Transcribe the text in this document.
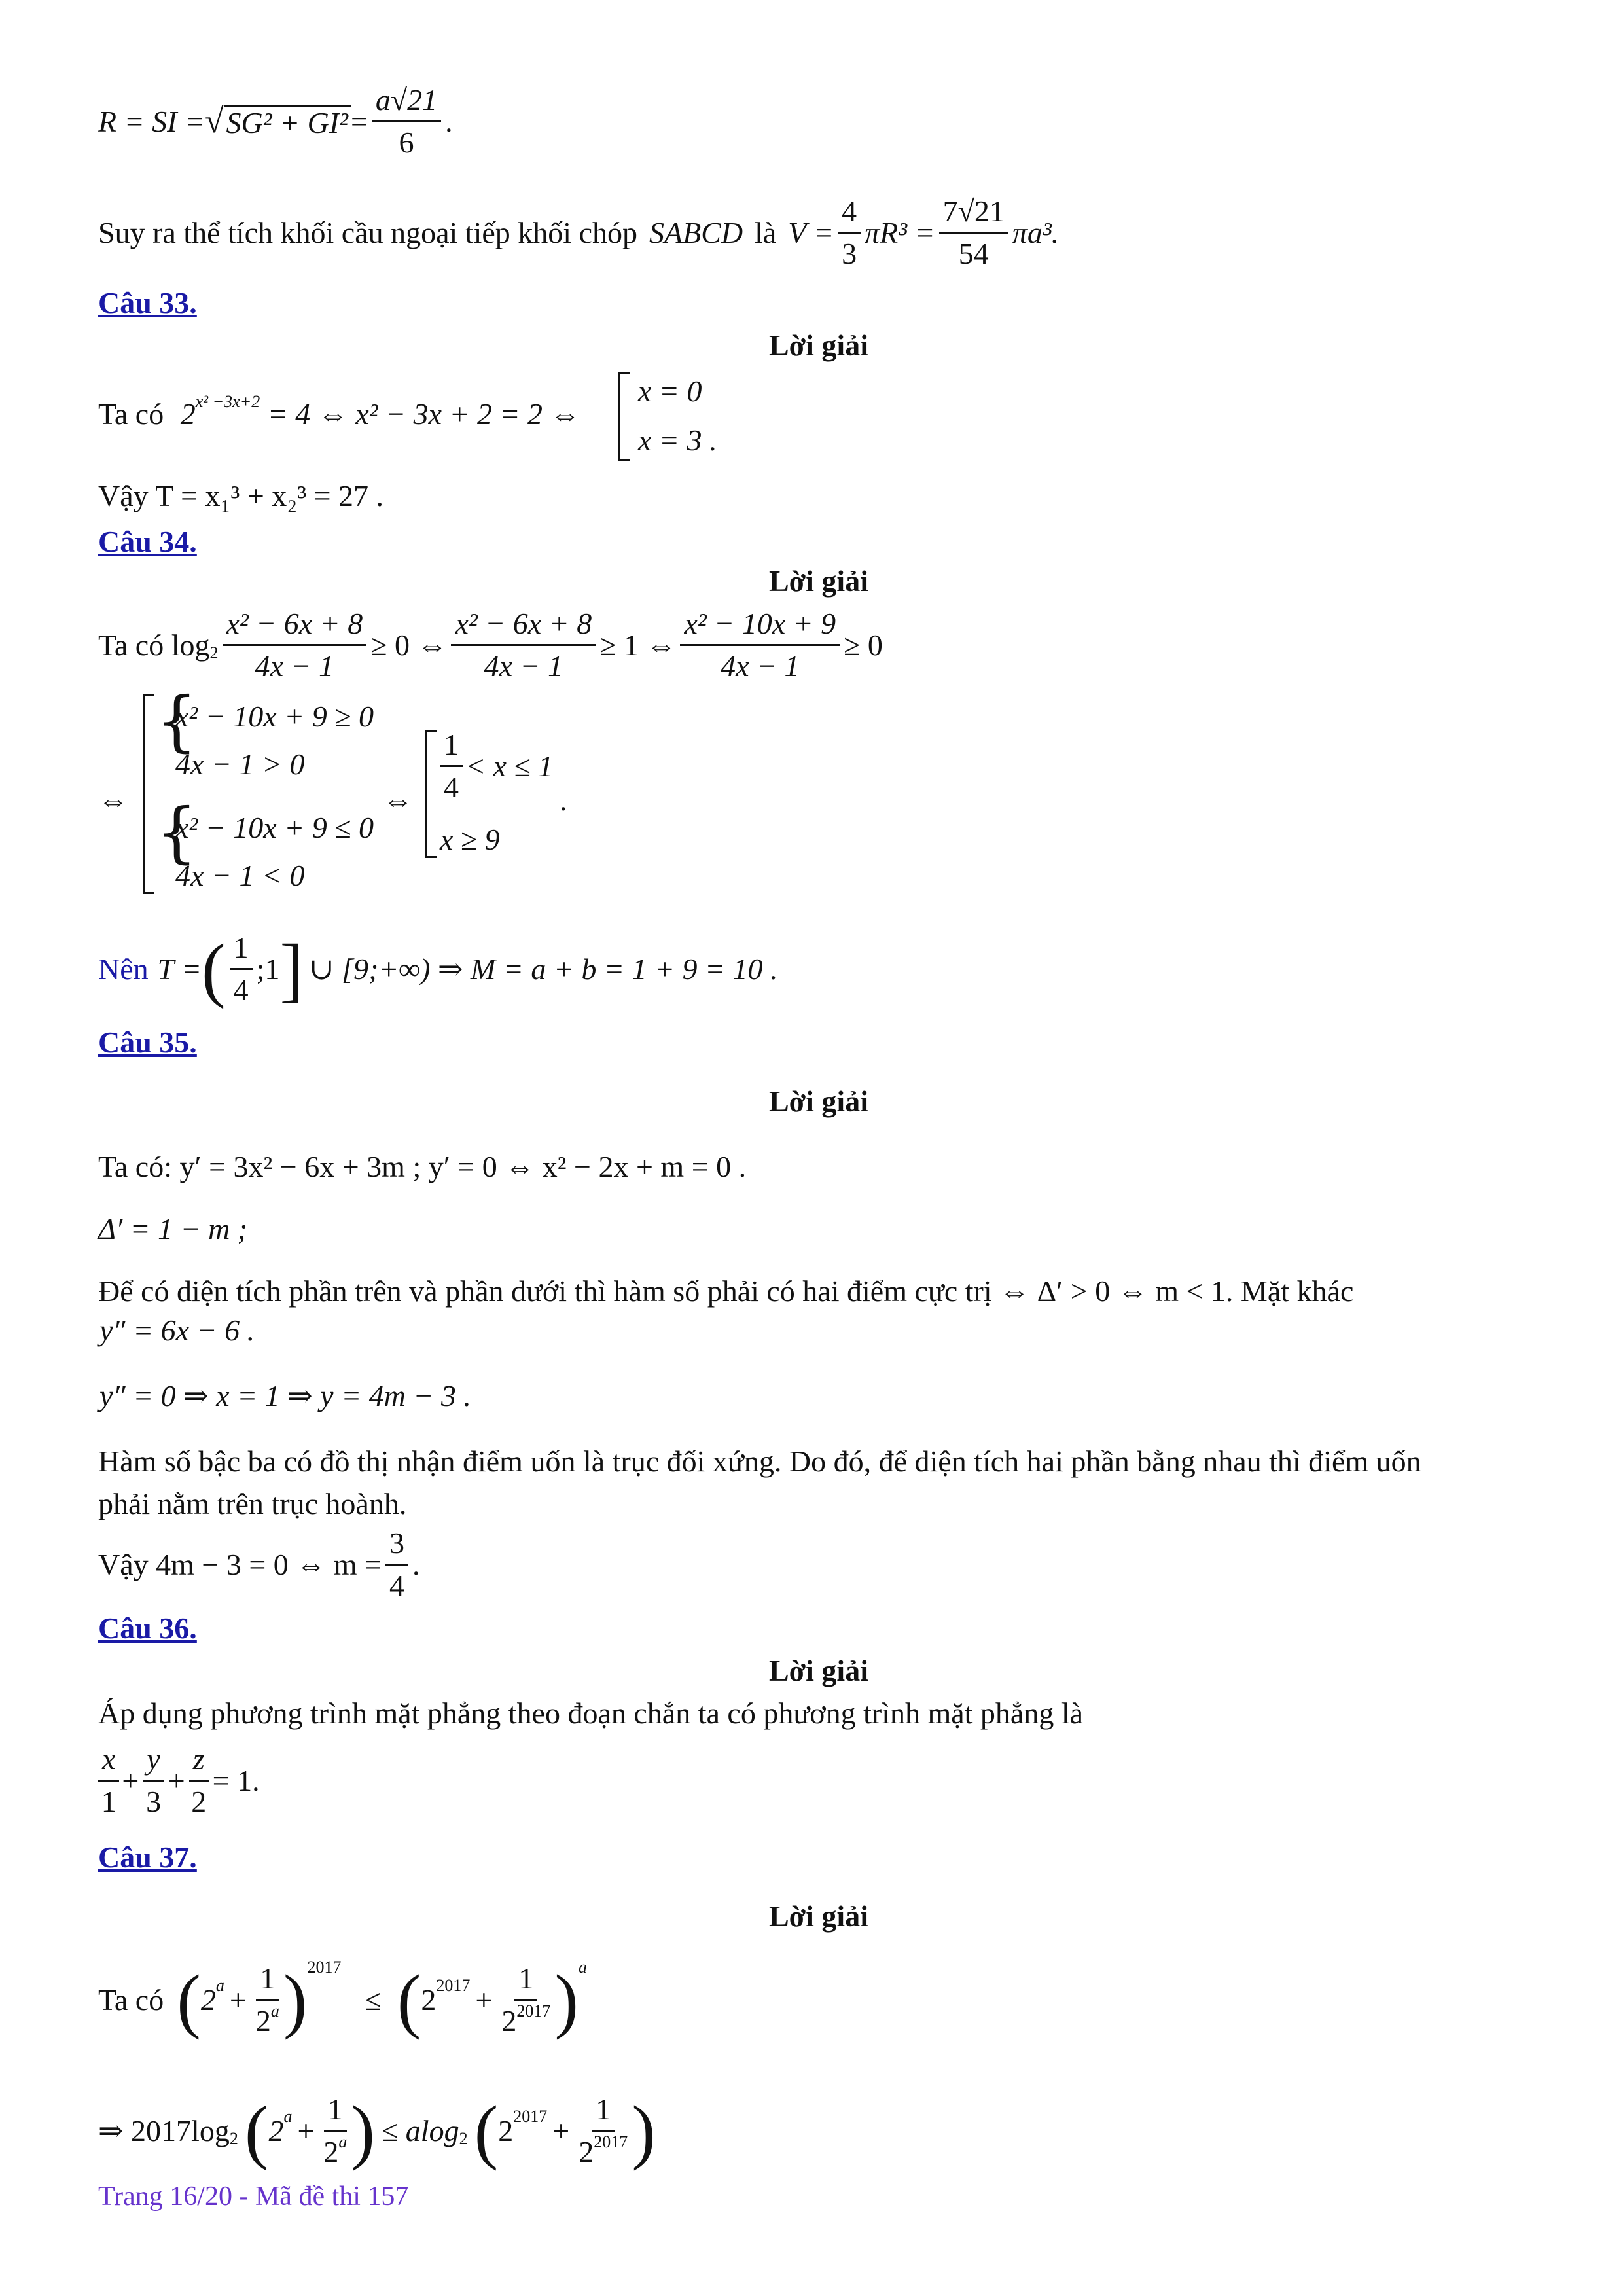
R = SI = √ $SG^2 + GI^2 = \frac{a√21}{6}$ .
Suy ra thể tích khối cầu ngoại tiếp khối chóp SABCD là $V = \frac{4}{3} \pi R^3 = \frac{7√21}{54} \pi a^3$.
Câu 33.
Lời giải
Ta có $2^{x^2 -3x+2} = 4$ ⇔ x² − 3x + 2 = 2 ⇔
x = 0
x = 3 .
Vậy T = x₁³ + x₂³ = 27 .
Câu 34.
Lời giải
Ta có $\log 2 \frac{\text{x² − 6x + 8}}{4x - 1} \ge 0$ ⇔ $\frac{\text{x² − 6x + 8}}{4x - 1} \ge 1$ ⇔ $\frac{\text{x² − 10x + 9}}{4x - 1} \ge 0$
⇔
{
x² − 10x + 9 ≥ 0
4x − 1 > 0
{
x² − 10x + 9 ≤ 0
4x − 1 < 0
⇔ $\frac{1}{4} < x \le 1$
x ≥ 9
.
Nên T = ( $\frac{1}{4}$ ;1 ] ∪ [9;+∞) ⇒ M = a + b = 1 + 9 = 10 .
Câu 35.
Lời giải
Ta có: y′ = 3x² − 6x + 3m ; y′ = 0 ⇔ x² − 2x + m = 0 .
Δ′ = 1 − m ;
Để có diện tích phần trên và phần dưới thì hàm số phải có hai điểm cực trị ⇔ Δ′ > 0 ⇔ m < 1. Mặt khác
y″ = 6x − 6 .
y″ = 0 ⇒ x = 1 ⇒ y = 4m − 3 .
Hàm số bậc ba có đồ thị nhận điểm uốn là trục đối xứng. Do đó, để diện tích hai phần bằng nhau thì điểm uốn
phải nằm trên trục hoành.
Vậy 4m − 3 = 0 ⇔ $m = \frac{3}{4}$ .
Câu 36.
Lời giải
Áp dụng phương trình mặt phẳng theo đoạn chắn ta có phương trình mặt phẳng là
$\frac{x}{1} + \frac{y}{3} + \frac{z}{2} = 1$.
Câu 37.
Lời giải
Ta có ( 2 $a + \frac{1}{2^a}$ ) 2017
≤ ( 2 $2017 + \frac{1}{2^{2017}}$ ) a
⇒ 2017log 2 ( 2 $a + \frac{1}{2^a}$ ) ≤ alog 2 ( 2 $2017 + \frac{1}{2^{2017}}$ )
Trang 16/20 - Mã đề thi 157
